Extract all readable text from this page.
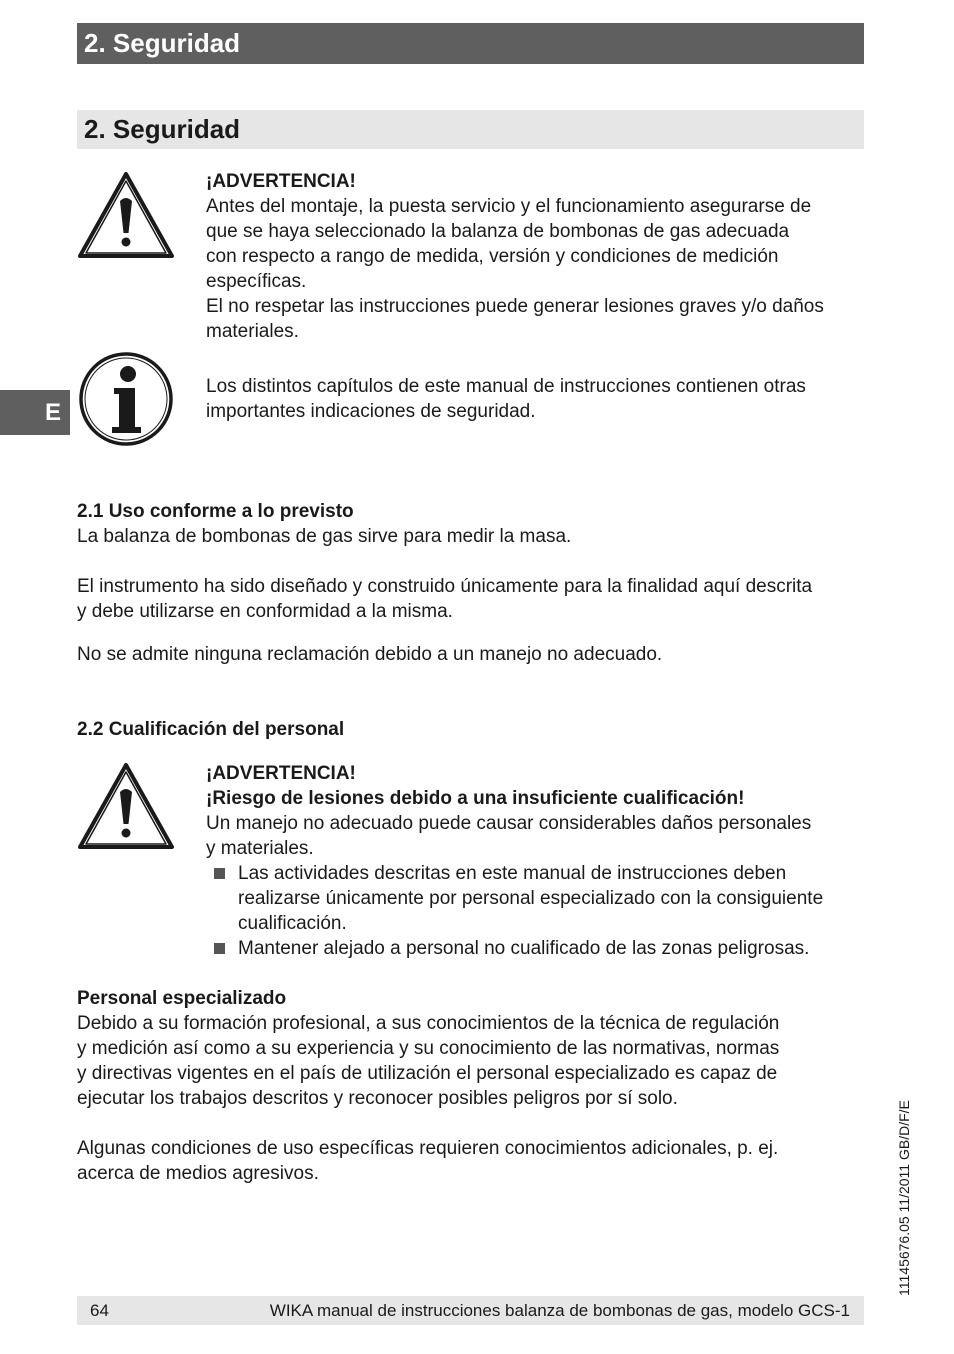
2. Seguridad
2. Seguridad
E
¡ADVERTENCIA!
Antes del montaje, la puesta servicio y el funcionamiento asegurarse de
que se haya seleccionado la balanza de bombonas de gas adecuada
con respecto a rango de medida, versión y condiciones de medición
específicas.
El no respetar las instrucciones puede generar lesiones graves y/o daños
materiales.
Los distintos capítulos de este manual de instrucciones contienen otras
importantes indicaciones de seguridad.
2.1 Uso conforme a lo previsto
La balanza de bombonas de gas sirve para medir la masa.
El instrumento ha sido diseñado y construido únicamente para la finalidad aquí descrita
y debe utilizarse en conformidad a la misma.
No se admite ninguna reclamación debido a un manejo no adecuado.
2.2 Cualificación del personal
¡ADVERTENCIA!
¡Riesgo de lesiones debido a una insuficiente cualificación!
Un manejo no adecuado puede causar considerables daños personales
y materiales.
Las actividades descritas en este manual de instrucciones deben
realizarse únicamente por personal especializado con la consiguiente
cualificación.
Mantener alejado a personal no cualificado de las zonas peligrosas.
Personal especializado
Debido a su formación profesional, a sus conocimientos de la técnica de regulación
y medición así como a su experiencia y su conocimiento de las normativas, normas
y directivas vigentes en el país de utilización el personal especializado es capaz de
ejecutar los trabajos descritos y reconocer posibles peligros por sí solo.
Algunas condiciones de uso específicas requieren conocimientos adicionales, p. ej.
acerca de medios agresivos.	11145676.05 11/2011 GB/D/F/E
64	WIKA manual de instrucciones balanza de bombonas de gas, modelo GCS-1
